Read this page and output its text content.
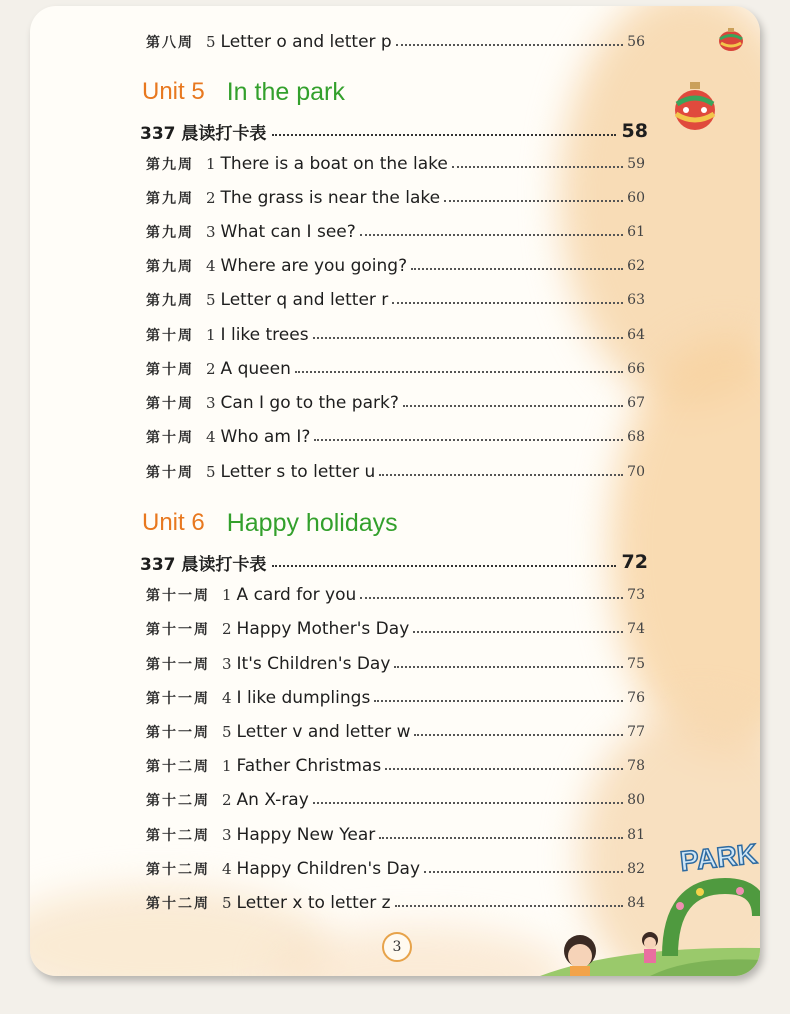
PARK
第八周 5 Letter o and letter p	56
Unit 5 In the park
337 晨读打卡表	58
第九周 1 There is a boat on the lake	59
第九周 2 The grass is near the lake	60
第九周 3 What can I see?	61
第九周 4 Where are you going?	62
第九周 5 Letter q and letter r	63
第十周 1 I like trees	64
第十周 2 A queen	66
第十周 3 Can I go to the park?	67
第十周 4 Who am I?	68
第十周 5 Letter s to letter u	70
Unit 6 Happy holidays
337 晨读打卡表	72
第十一周 1 A card for you	73
第十一周 2 Happy Mother's Day	74
第十一周 3 It's Children's Day	75
第十一周 4 I like dumplings	76
第十一周 5 Letter v and letter w	77
第十二周 1 Father Christmas	78
第十二周 2 An X-ray	80
第十二周 3 Happy New Year	81
第十二周 4 Happy Children's Day	82
第十二周 5 Letter x to letter z	84
3
